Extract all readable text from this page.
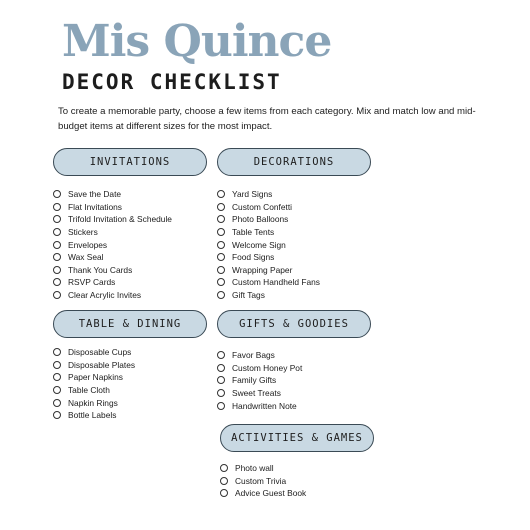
Mis Quince
DECOR CHECKLIST

To create a memorable party, choose a few items from each category. Mix and match low and mid-budget items at different sizes for the most impact.

INVITATIONS
Save the Date
Flat Invitations
Trifold Invitation & Schedule
Stickers
Envelopes
Wax Seal
Thank You Cards
RSVP Cards
Clear Acrylic Invites
DECORATIONS
Yard Signs
Custom Confetti
Photo Balloons
Table Tents
Welcome Sign
Food Signs
Wrapping Paper
Custom Handheld Fans
Gift Tags
TABLE & DINING
Disposable Cups
Disposable Plates
Paper Napkins
Table Cloth
Napkin Rings
Bottle Labels
GIFTS & GOODIES
Favor Bags
Custom Honey Pot
Family Gifts
Sweet Treats
Handwritten Note
ACTIVITIES & GAMES
Photo wall
Custom Trivia
Advice Guest Book
